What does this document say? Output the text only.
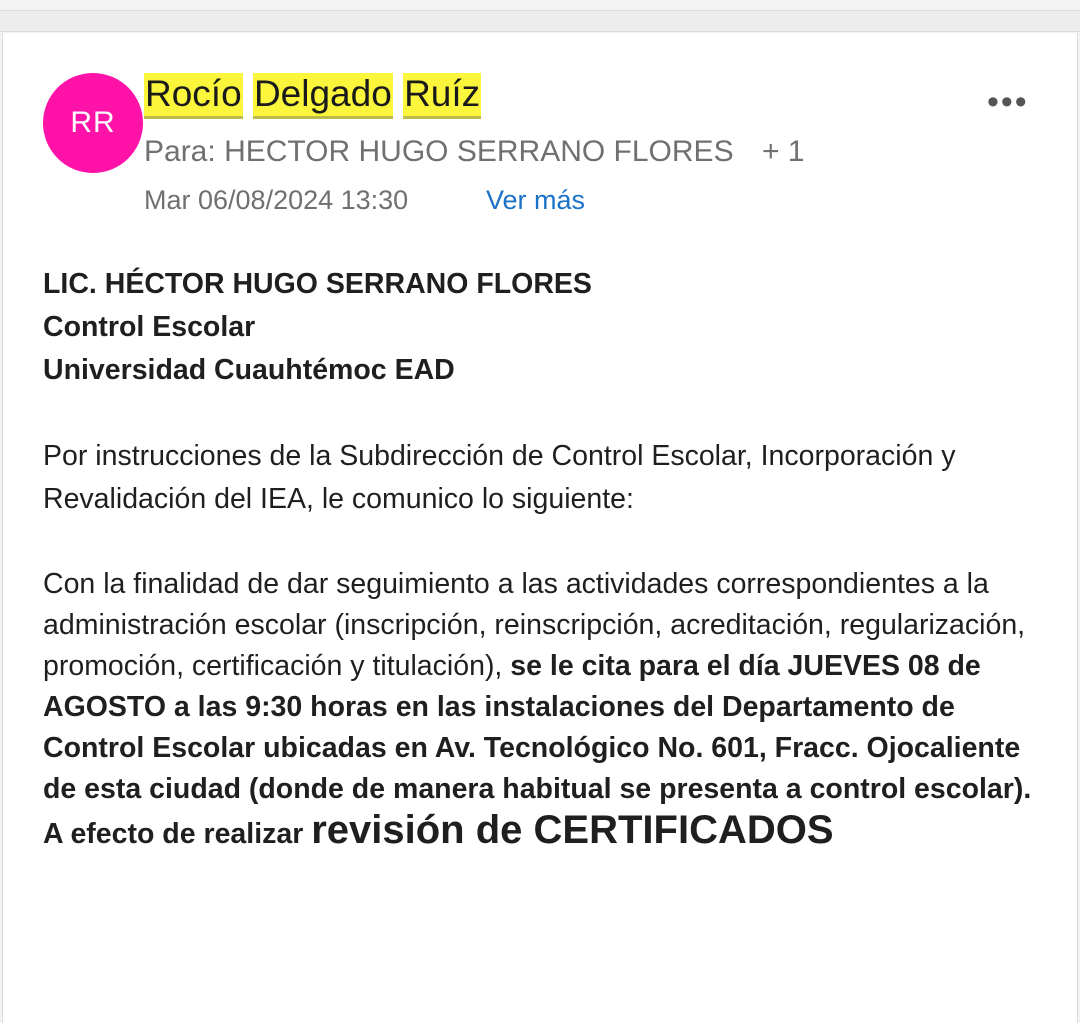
RR
Rocío Delgado Ruíz	•••
Para: HECTOR HUGO SERRANO FLORES + 1
Mar 06/08/2024 13:30	Ver más
LIC. HÉCTOR HUGO SERRANO FLORES
Control Escolar
Universidad Cuauhtémoc EAD

Por instrucciones de la Subdirección de Control Escolar, Incorporación y Revalidación del IEA, le comunico lo siguiente:

Con la finalidad de dar seguimiento a las actividades correspondientes a la administración escolar (inscripción, reinscripción, acreditación, regularización, promoción, certificación y titulación), se le cita para el día JUEVES 08 de AGOSTO a las 9:30 horas en las instalaciones del Departamento de Control Escolar ubicadas en Av. Tecnológico No. 601, Fracc. Ojocaliente de esta ciudad (donde de manera habitual se presenta a control escolar). A efecto de realizar revisión de CERTIFICADOS
